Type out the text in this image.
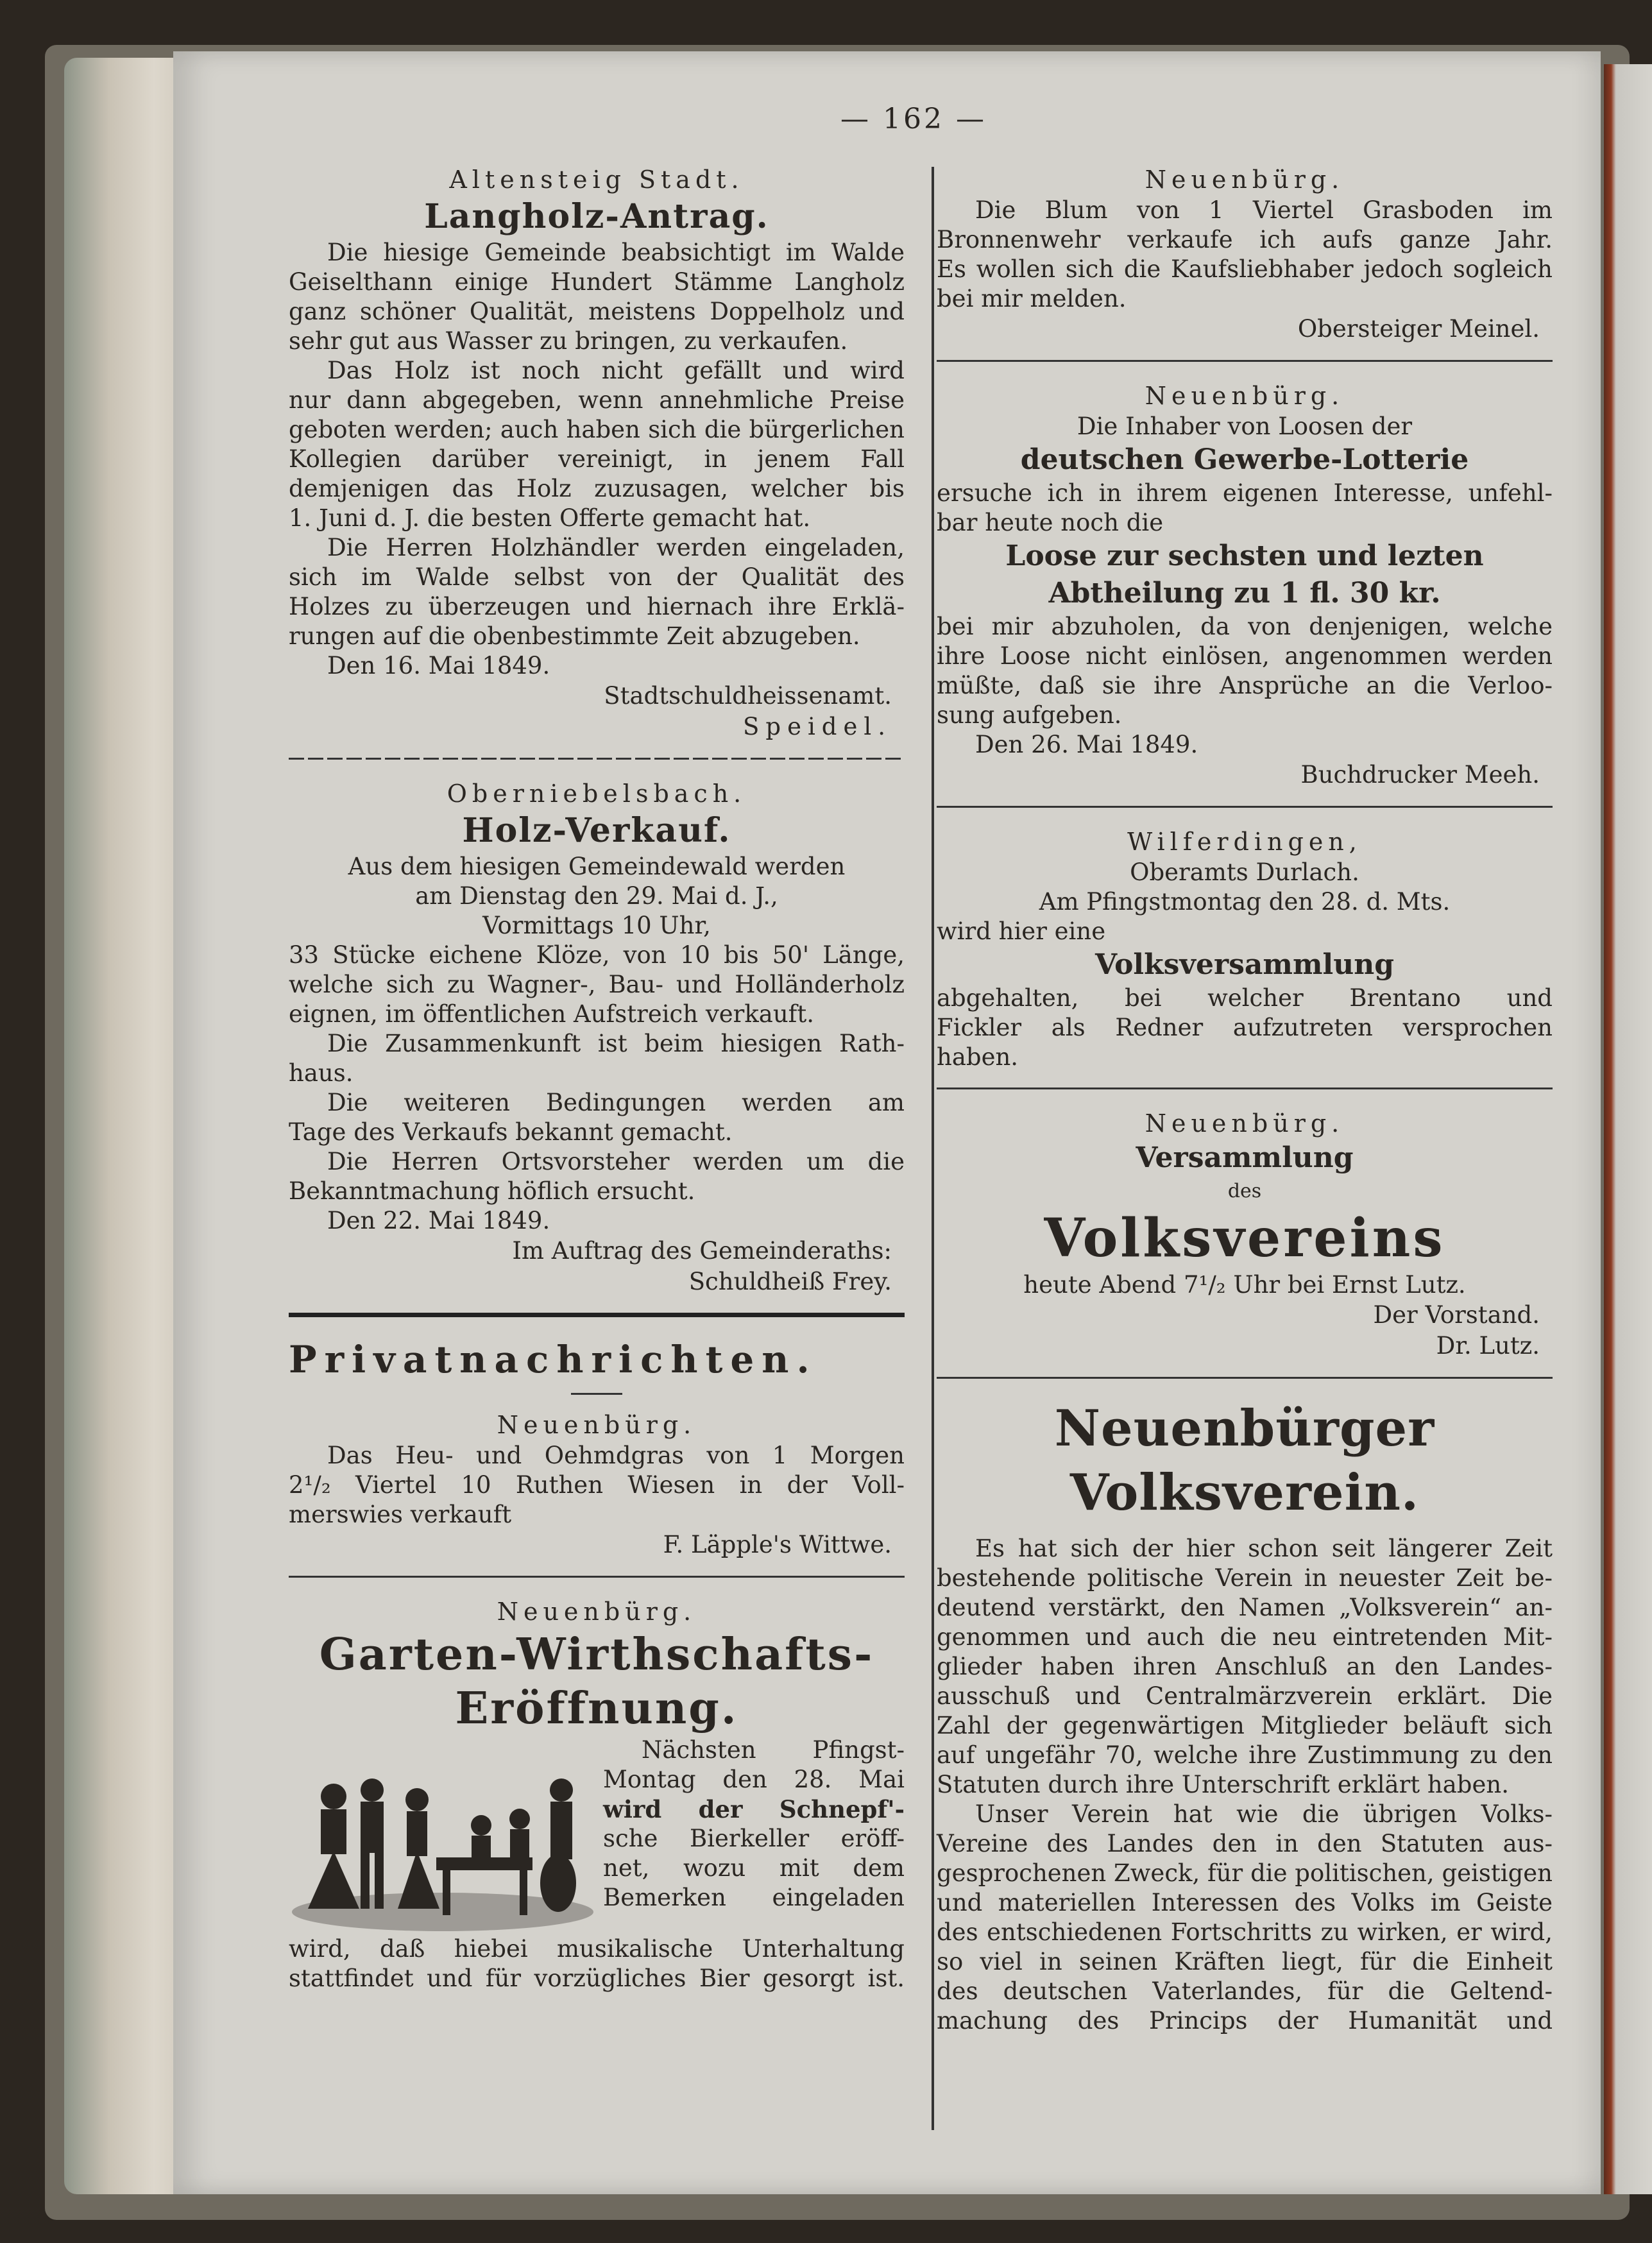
— 162 —
Altensteig Stadt.
Langholz-Antrag.
Die hiesige Gemeinde beabsichtigt im Walde
Geiselthann einige Hundert Stämme Langholz
ganz schöner Qualität, meistens Doppelholz und
sehr gut aus Wasser zu bringen, zu verkaufen.
Das Holz ist noch nicht gefällt und wird
nur dann abgegeben, wenn annehmliche Preise
geboten werden; auch haben sich die bürgerlichen
Kollegien darüber vereinigt, in jenem Fall
demjenigen das Holz zuzusagen, welcher bis
1. Juni d. J. die besten Offerte gemacht hat.
Die Herren Holzhändler werden eingeladen,
sich im Walde selbst von der Qualität des
Holzes zu überzeugen und hiernach ihre Erklä-
rungen auf die obenbestimmte Zeit abzugeben.
Den 16. Mai 1849.
Stadtschuldheissenamt.
Speidel.
Oberniebelsbach.
Holz-Verkauf.
Aus dem hiesigen Gemeindewald werden
am Dienstag den 29. Mai d. J.,
Vormittags 10 Uhr,
33 Stücke eichene Klöze, von 10 bis 50' Länge,
welche sich zu Wagner-, Bau- und Holländerholz
eignen, im öffentlichen Aufstreich verkauft.
Die Zusammenkunft ist beim hiesigen Rath-
haus.
Die weiteren Bedingungen werden am
Tage des Verkaufs bekannt gemacht.
Die Herren Ortsvorsteher werden um die
Bekanntmachung höflich ersucht.
Den 22. Mai 1849.
Im Auftrag des Gemeinderaths:
Schuldheiß Frey.
Privatnachrichten.
Neuenbürg.
Das Heu- und Oehmdgras von 1 Morgen
2¹/₂ Viertel 10 Ruthen Wiesen in der Voll-
merswies verkauft
F. Läpple's Wittwe.
Neuenbürg.
Garten-Wirthschafts-
Eröffnung.
Nächsten Pfingst-
Montag den 28. Mai
wird der Schnepf'-
sche Bierkeller eröff-
net, wozu mit dem
Bemerken eingeladen
wird, daß hiebei musikalische Unterhaltung
stattfindet und für vorzügliches Bier gesorgt ist.
Neuenbürg.
Die Blum von 1 Viertel Grasboden im
Bronnenwehr verkaufe ich aufs ganze Jahr.
Es wollen sich die Kaufsliebhaber jedoch sogleich
bei mir melden.
Obersteiger Meinel.
Neuenbürg.
Die Inhaber von Loosen der
deutschen Gewerbe-Lotterie
ersuche ich in ihrem eigenen Interesse, unfehl-
bar heute noch die
Loose zur sechsten und lezten
Abtheilung zu 1 fl. 30 kr.
bei mir abzuholen, da von denjenigen, welche
ihre Loose nicht einlösen, angenommen werden
müßte, daß sie ihre Ansprüche an die Verloo-
sung aufgeben.
Den 26. Mai 1849.
Buchdrucker Meeh.
Wilferdingen,
Oberamts Durlach.
Am Pfingstmontag den 28. d. Mts.
wird hier eine
Volksversammlung
abgehalten, bei welcher Brentano und
Fickler als Redner aufzutreten versprochen
haben.
Neuenbürg.
Versammlung
des
Volksvereins
heute Abend 7¹/₂ Uhr bei Ernst Lutz.
Der Vorstand.
Dr. Lutz.
Neuenbürger Volksverein.
Es hat sich der hier schon seit längerer Zeit
bestehende politische Verein in neuester Zeit be-
deutend verstärkt, den Namen „Volksverein“ an-
genommen und auch die neu eintretenden Mit-
glieder haben ihren Anschluß an den Landes-
ausschuß und Centralmärzverein erklärt. Die
Zahl der gegenwärtigen Mitglieder beläuft sich
auf ungefähr 70, welche ihre Zustimmung zu den
Statuten durch ihre Unterschrift erklärt haben.
Unser Verein hat wie die übrigen Volks-
Vereine des Landes den in den Statuten aus-
gesprochenen Zweck, für die politischen, geistigen
und materiellen Interessen des Volks im Geiste
des entschiedenen Fortschritts zu wirken, er wird,
so viel in seinen Kräften liegt, für die Einheit
des deutschen Vaterlandes, für die Geltend-
machung des Princips der Humanität und
